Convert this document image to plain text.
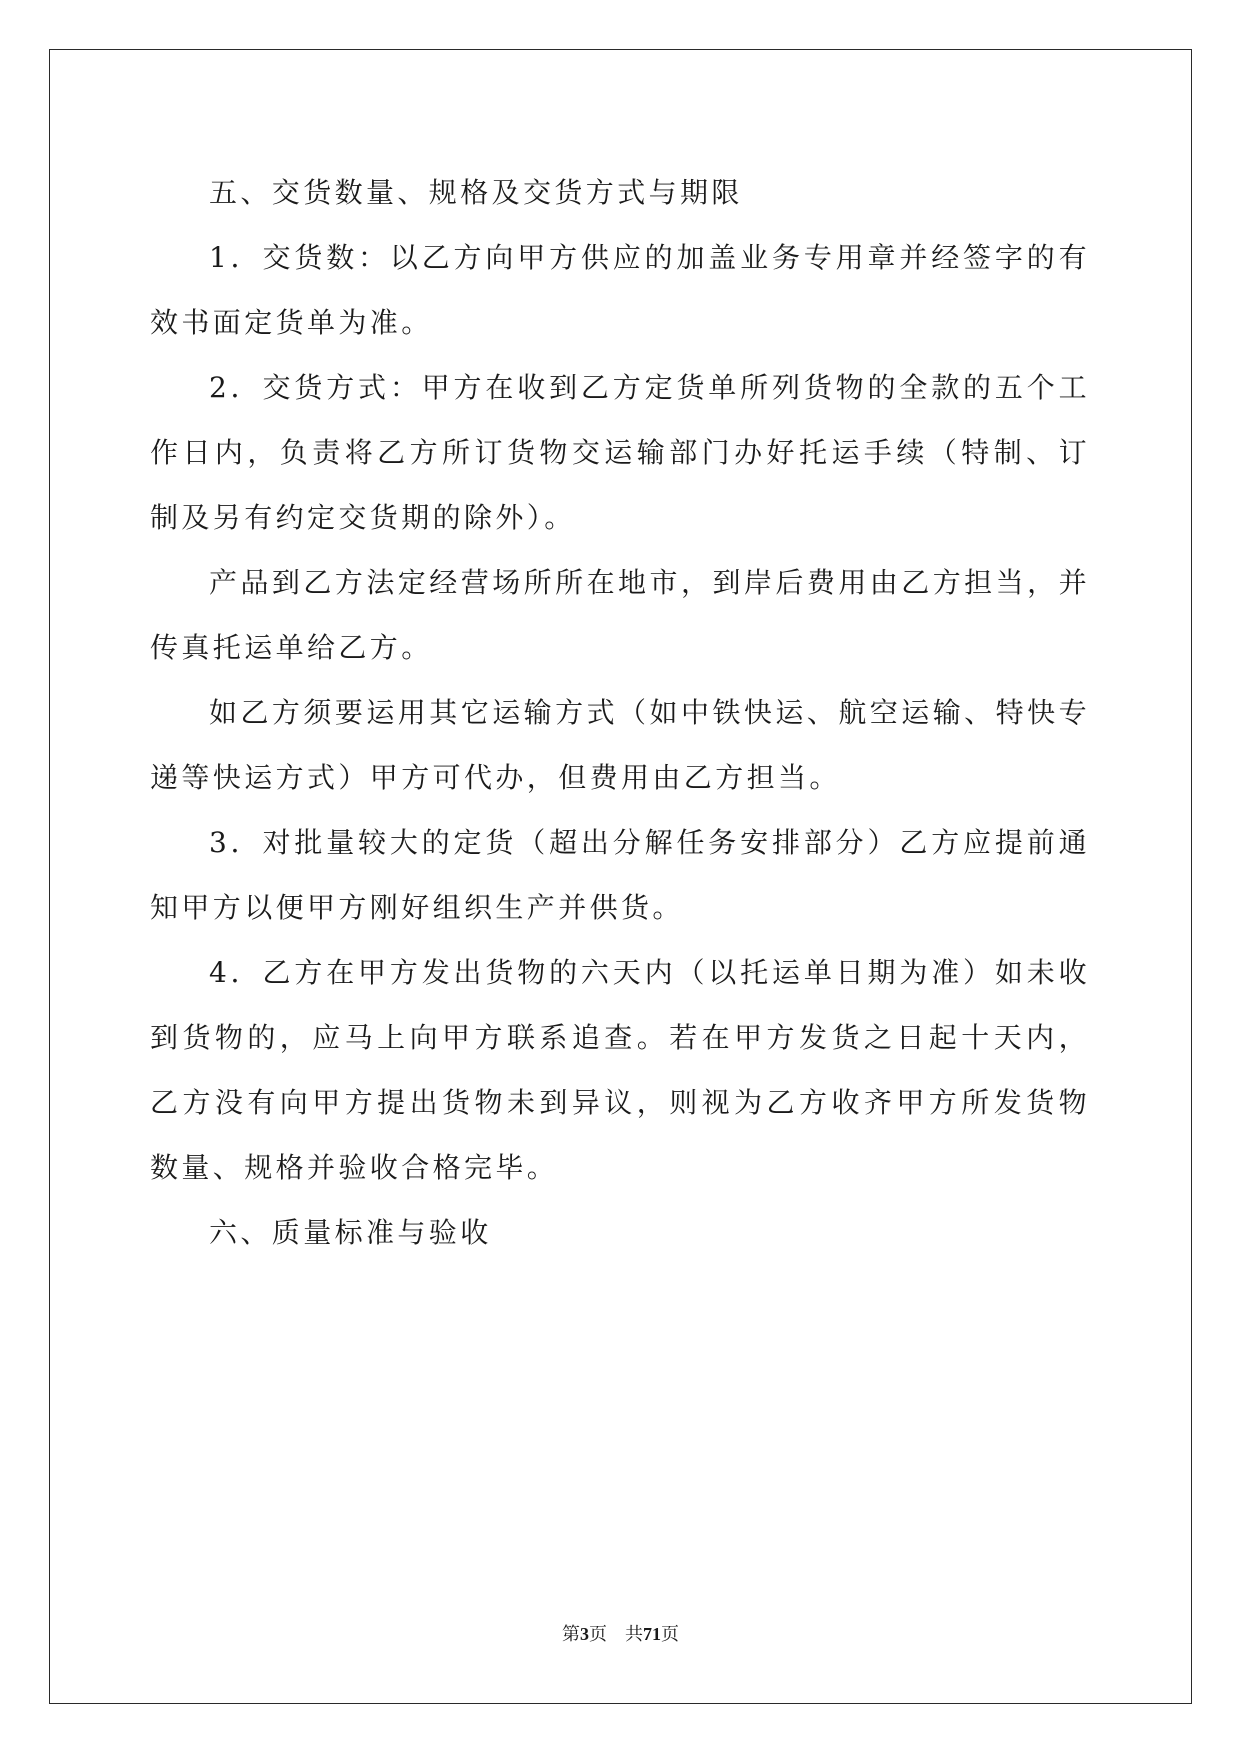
五、交货数量、规格及交货方式与期限

1．交货数：以乙方向甲方供应的加盖业务专用章并经签字的有效书面定货单为准。

2．交货方式：甲方在收到乙方定货单所列货物的全款的五个工作日内，负责将乙方所订货物交运输部门办好托运手续（特制、订制及另有约定交货期的除外）。

产品到乙方法定经营场所所在地市，到岸后费用由乙方担当，并传真托运单给乙方。

如乙方须要运用其它运输方式（如中铁快运、航空运输、特快专递等快运方式）甲方可代办，但费用由乙方担当。

3．对批量较大的定货（超出分解任务安排部分）乙方应提前通知甲方以便甲方刚好组织生产并供货。

4．乙方在甲方发出货物的六天内（以托运单日期为准）如未收到货物的，应马上向甲方联系追查。若在甲方发货之日起十天内，乙方没有向甲方提出货物未到异议，则视为乙方收齐甲方所发货物数量、规格并验收合格完毕。

六、质量标准与验收

第3页 共71页
